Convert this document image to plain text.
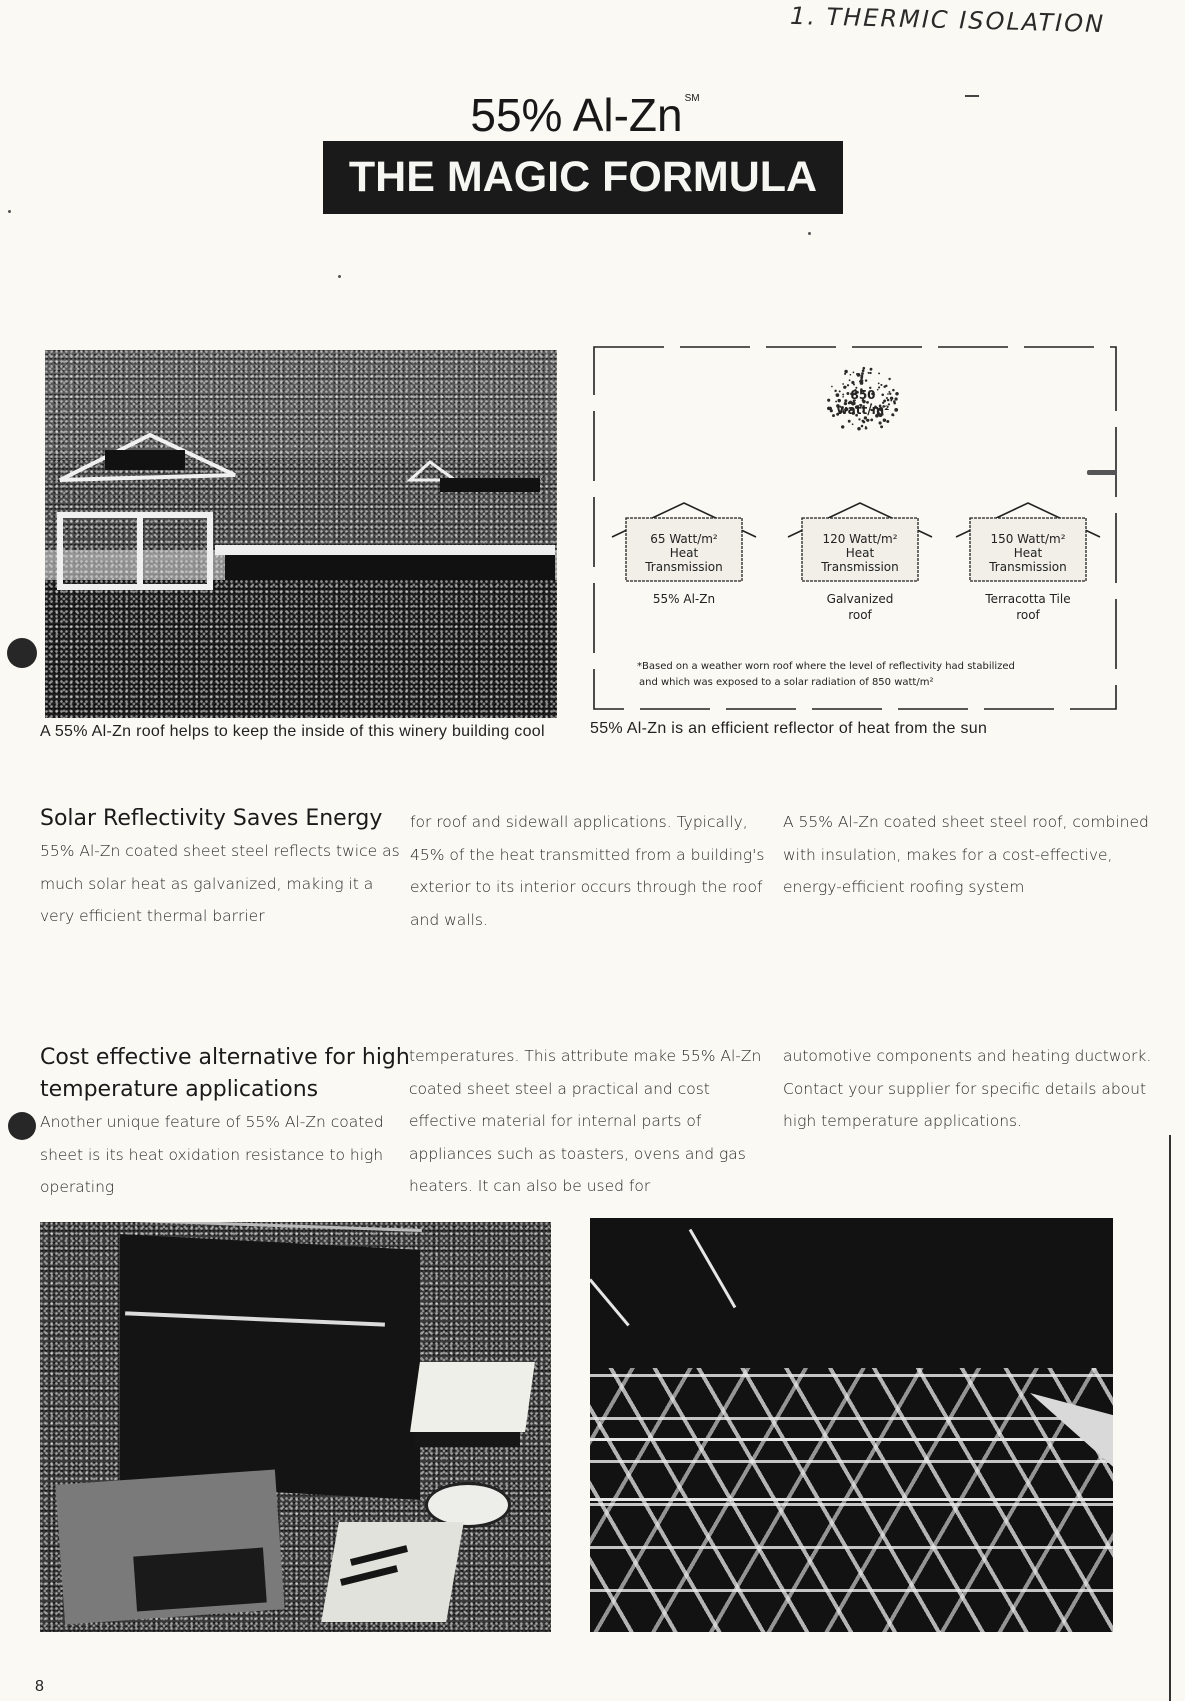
1. THERMIC ISOLATION
55% Al-Zn ℠
THE MAGIC FORMULA
A 55% Al-Zn roof helps to keep the inside of this winery building cool
850
watt/m²
65 Watt/m²
Heat
Transmission
55% Al-Zn
120 Watt/m²
Heat
Transmission
Galvanized
roof
150 Watt/m²
Heat
Transmission
Terracotta Tile
roof
*Based on a weather worn roof where the level of reflectivity had stabilized
and which was exposed to a solar radiation of 850 watt/m²
55% Al-Zn is an efficient reflector of heat from the sun
Solar Reflectivity Saves Energy

55% Al-Zn coated sheet steel reflects twice as much solar heat as galvanized, making it a very efficient thermal barrier

for roof and sidewall applications. Typically, 45% of the heat transmitted from a building's exterior to its interior occurs through the roof and walls.

A 55% Al-Zn coated sheet steel roof, combined with insulation, makes for a cost-effective, energy-efficient roofing system

Cost effective alternative for high temperature applications

Another unique feature of 55% Al-Zn coated sheet is its heat oxidation resistance to high operating

temperatures. This attribute make 55% Al-Zn coated sheet steel a practical and cost effective material for internal parts of appliances such as toasters, ovens and gas heaters. It can also be used for

automotive components and heating ductwork. Contact your supplier for specific details about high temperature applications.

8
